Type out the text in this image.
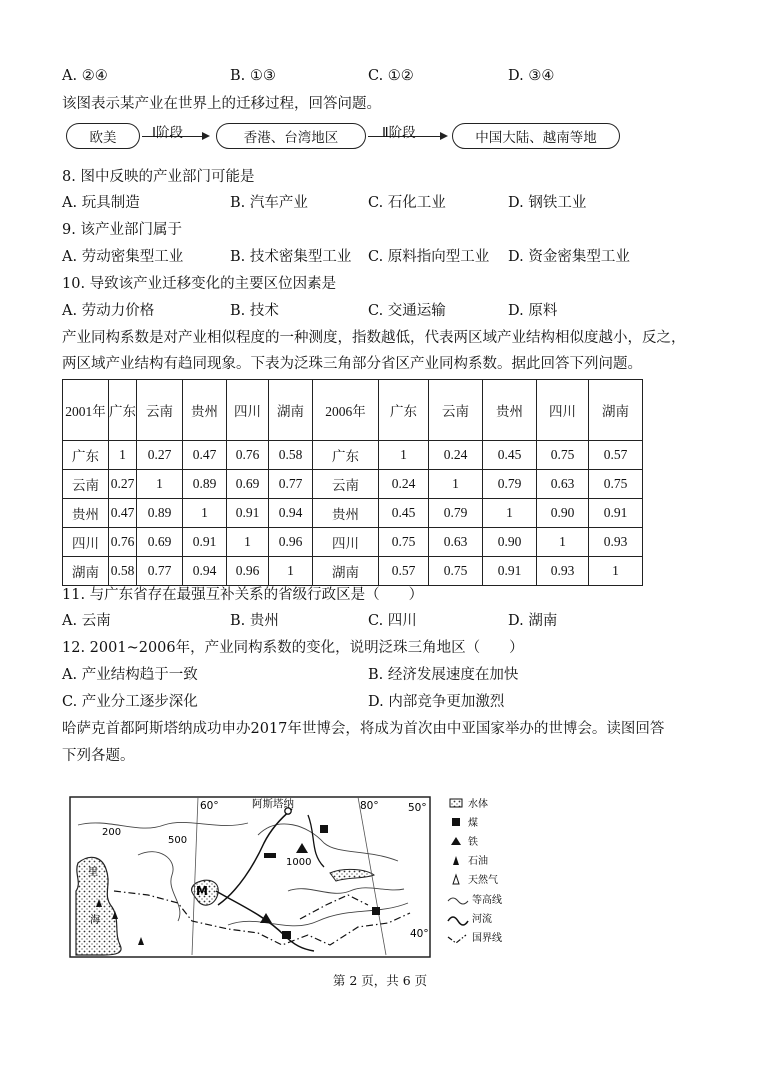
A. ②④	B. ①③	C. ①②	D. ③④
该图表示某产业在世界上的迁移过程，回答问题。
欧美	Ⅰ阶段	香港、台湾地区	Ⅱ阶段	中国大陆、越南等地
8. 图中反映的产业部门可能是
A. 玩具制造	B. 汽车产业	C. 石化工业	D. 钢铁工业
9. 该产业部门属于
A. 劳动密集型工业	B. 技术密集型工业 C. 原料指向型工业 D. 资金密集型工业
10. 导致该产业迁移变化的主要区位因素是
A. 劳动力价格	B. 技术	C. 交通运输	D. 原料
产业同构系数是对产业相似程度的一种测度，指数越低，代表两区域产业结构相似度越小，反之，
两区域产业结构有趋同现象。下表为泛珠三角部分省区产业同构系数。据此回答下列问题。
2001年	广东	云南	贵州	四川	湖南	2006年	广东	云南	贵州	四川	湖南
广东	1	0.27	0.47	0.76	0.58	广东	1	0.24	0.45	0.75	0.57
云南	0.27	1	0.89	0.69	0.77	云南	0.24	1	0.79	0.63	0.75
贵州	0.47	0.89	1	0.91	0.94	贵州	0.45	0.79	1	0.90	0.91
四川	0.76	0.69	0.91	1	0.96	四川	0.75	0.63	0.90	1	0.93
湖南	0.58	0.77	0.94	0.96	1	湖南	0.57	0.75	0.91	0.93	1
11. 与广东省存在最强互补关系的省级行政区是（　　）
A. 云南	B. 贵州	C. 四川	D. 湖南
12. 2001~2006年，产业同构系数的变化，说明泛珠三角地区（　　）
A. 产业结构趋于一致	B. 经济发展速度在加快
C. 产业分工逐步深化	D. 内部竞争更加激烈
哈萨克首都阿斯塔纳成功申办2017年世博会，将成为首次由中亚国家举办的世博会。读图回答
下列各题。
60°	阿斯塔纳	80°	50°
40°
200
500
1000
M
里
海
水体
煤
铁
石油
天然气
等高线
河流
国界线
第 2 页，共 6 页
